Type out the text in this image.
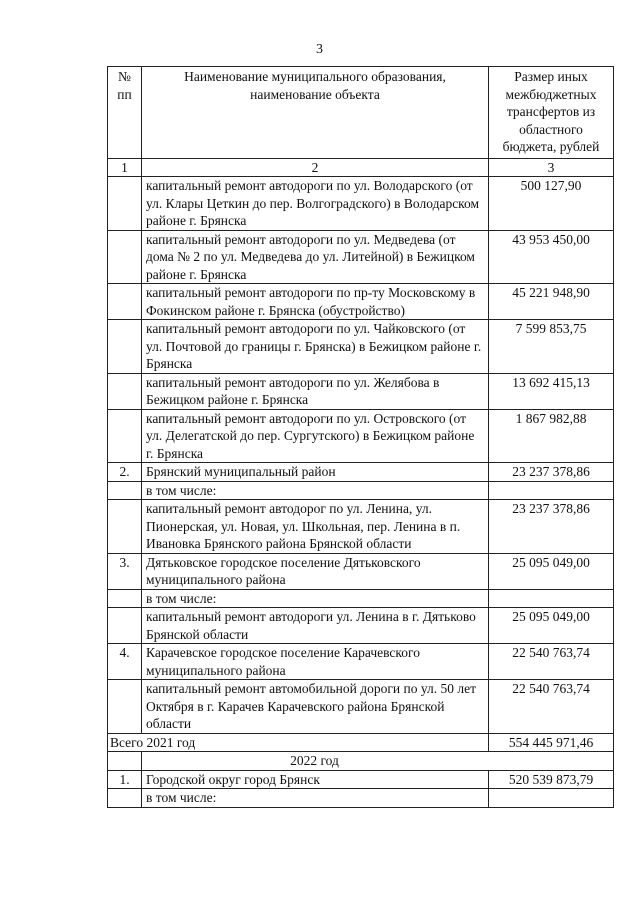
3
№ пп	Наименование муниципального образования, наименование объекта	Размер иных межбюджетных трансфертов из областного бюджета, рублей
1	2	3
	капитальный ремонт автодороги по ул. Володарского (от ул. Клары Цеткин до пер. Волгоградского) в Володарском районе г. Брянска	500 127,90
	капитальный ремонт автодороги по ул. Медведева (от дома № 2 по ул. Медведева до ул. Литейной) в Бежицком районе г. Брянска	43 953 450,00
	капитальный ремонт автодороги по пр-ту Московскому в Фокинском районе г. Брянска (обустройство)	45 221 948,90
	капитальный ремонт автодороги по ул. Чайковского (от ул. Почтовой до границы г. Брянска) в Бежицком районе г. Брянска	7 599 853,75
	капитальный ремонт автодороги по ул. Желябова в Бежицком районе г. Брянска	13 692 415,13
	капитальный ремонт автодороги по ул. Островского (от ул. Делегатской до пер. Сургутского) в Бежицком районе г. Брянска	1 867 982,88
2.	Брянский муниципальный район	23 237 378,86
	в том числе:	
	капитальный ремонт автодорог по ул. Ленина, ул. Пионерская, ул. Новая, ул. Школьная, пер. Ленина в п. Ивановка Брянского района Брянской области	23 237 378,86
3.	Дятьковское городское поселение Дятьковского муниципального района	25 095 049,00
	в том числе:	
	капитальный ремонт автодороги ул. Ленина в г. Дятьково Брянской области	25 095 049,00
4.	Карачевское городское поселение Карачевского муниципального района	22 540 763,74
	капитальный ремонт автомобильной дороги по ул. 50 лет Октября в г. Карачев Карачевского района Брянской области	22 540 763,74
Всего 2021 год		554 445 971,46
	2022 год	
1.	Городской округ город Брянск	520 539 873,79
	в том числе:	
